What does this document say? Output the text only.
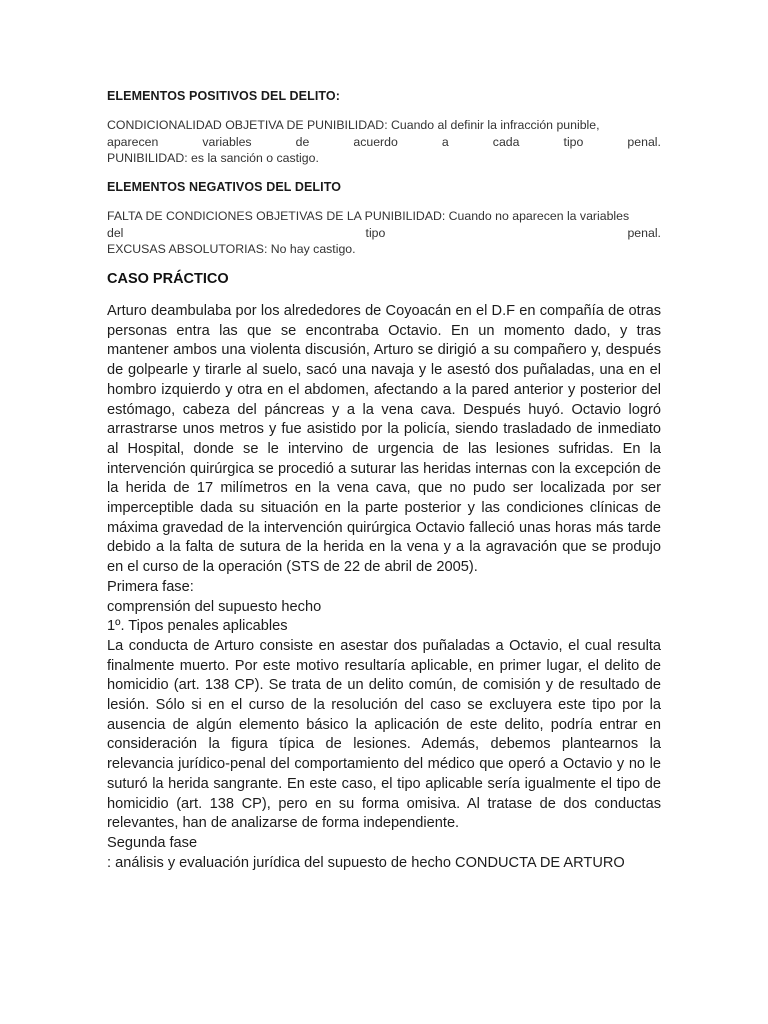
ELEMENTOS POSITIVOS DEL DELITO:
CONDICIONALIDAD OBJETIVA DE PUNIBILIDAD: Cuando al definir la infracción punible,
aparecen	variables	de	acuerdo	a	cada	tipo	penal.
PUNIBILIDAD: es la sanción o castigo.
ELEMENTOS NEGATIVOS DEL DELITO
FALTA DE CONDICIONES OBJETIVAS DE LA PUNIBILIDAD: Cuando no aparecen la variables
del	tipo	penal.
EXCUSAS ABSOLUTORIAS: No hay castigo.
CASO PRÁCTICO

Arturo deambulaba por los alrededores de Coyoacán en el D.F en compañía de otras personas entra las que se encontraba Octavio. En un momento dado, y tras mantener ambos una violenta discusión, Arturo se dirigió a su compañero y, después de golpearle y tirarle al suelo, sacó una navaja y le asestó dos puñaladas, una en el hombro izquierdo y otra en el abdomen, afectando a la pared anterior y posterior del estómago, cabeza del páncreas y a la vena cava. Después huyó. Octavio logró arrastrarse unos metros y fue asistido por la policía, siendo trasladado de inmediato al Hospital, donde se le intervino de urgencia de las lesiones sufridas. En la intervención quirúrgica se procedió a suturar las heridas internas con la excepción de la herida de 17 milímetros en la vena cava, que no pudo ser localizada por ser imperceptible dada su situación en la parte posterior y las condiciones clínicas de máxima gravedad de la intervención quirúrgica Octavio falleció unas horas más tarde debido a la falta de sutura de la herida en la vena y a la agravación que se produjo en el curso de la operación (STS de 22 de abril de 2005).

Primera fase:

comprensión del supuesto hecho

1º. Tipos penales aplicables

La conducta de Arturo consiste en asestar dos puñaladas a Octavio, el cual resulta finalmente muerto. Por este motivo resultaría aplicable, en primer lugar, el delito de homicidio (art. 138 CP). Se trata de un delito común, de comisión y de resultado de lesión. Sólo si en el curso de la resolución del caso se excluyera este tipo por la ausencia de algún elemento básico la aplicación de este delito, podría entrar en consideración la figura típica de lesiones. Además, debemos plantearnos la relevancia jurídico-penal del comportamiento del médico que operó a Octavio y no le suturó la herida sangrante. En este caso, el tipo aplicable sería igualmente el tipo de homicidio (art. 138 CP), pero en su forma omisiva. Al tratase de dos conductas relevantes, han de analizarse de forma independiente.

Segunda fase

: análisis y evaluación jurídica del supuesto de hecho CONDUCTA DE ARTURO
